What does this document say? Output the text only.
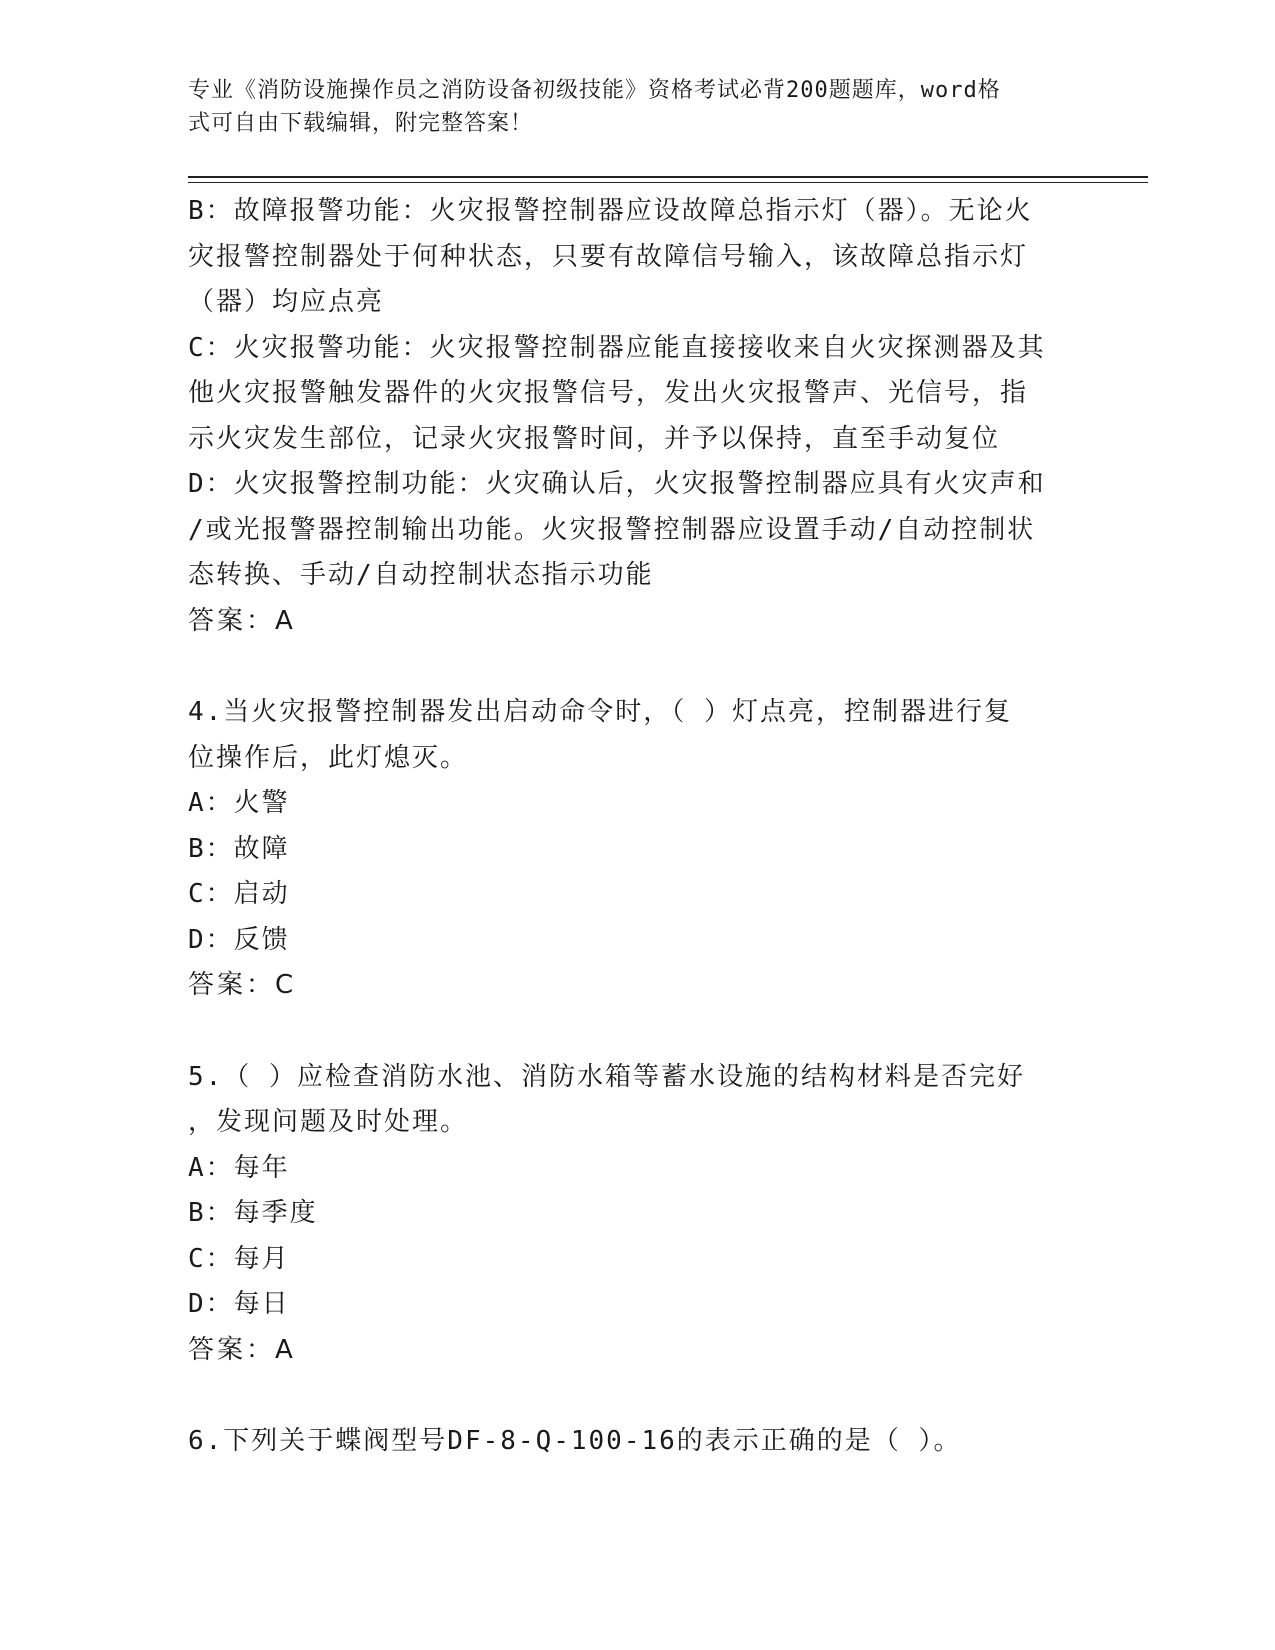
专业《消防设施操作员之消防设备初级技能》资格考试必背200题题库，word格
式可自由下载编辑，附完整答案！
B：故障报警功能：火灾报警控制器应设故障总指示灯（器）。无论火
灾报警控制器处于何种状态，只要有故障信号输入，该故障总指示灯
（器）均应点亮
C：火灾报警功能：火灾报警控制器应能直接接收来自火灾探测器及其
他火灾报警触发器件的火灾报警信号，发出火灾报警声、光信号，指
示火灾发生部位，记录火灾报警时间，并予以保持，直至手动复位
D：火灾报警控制功能：火灾确认后，火灾报警控制器应具有火灾声和
/或光报警器控制输出功能。火灾报警控制器应设置手动/自动控制状
态转换、手动/自动控制状态指示功能
答案：A
4.当火灾报警控制器发出启动命令时，（ ）灯点亮，控制器进行复
位操作后，此灯熄灭。
A：火警
B：故障
C：启动
D：反馈
答案：C
5.（ ）应检查消防水池、消防水箱等蓄水设施的结构材料是否完好
，发现问题及时处理。
A：每年
B：每季度
C：每月
D：每日
答案：A
6.下列关于蝶阀型号DF-8-Q-100-16的表示正确的是（ ）。
